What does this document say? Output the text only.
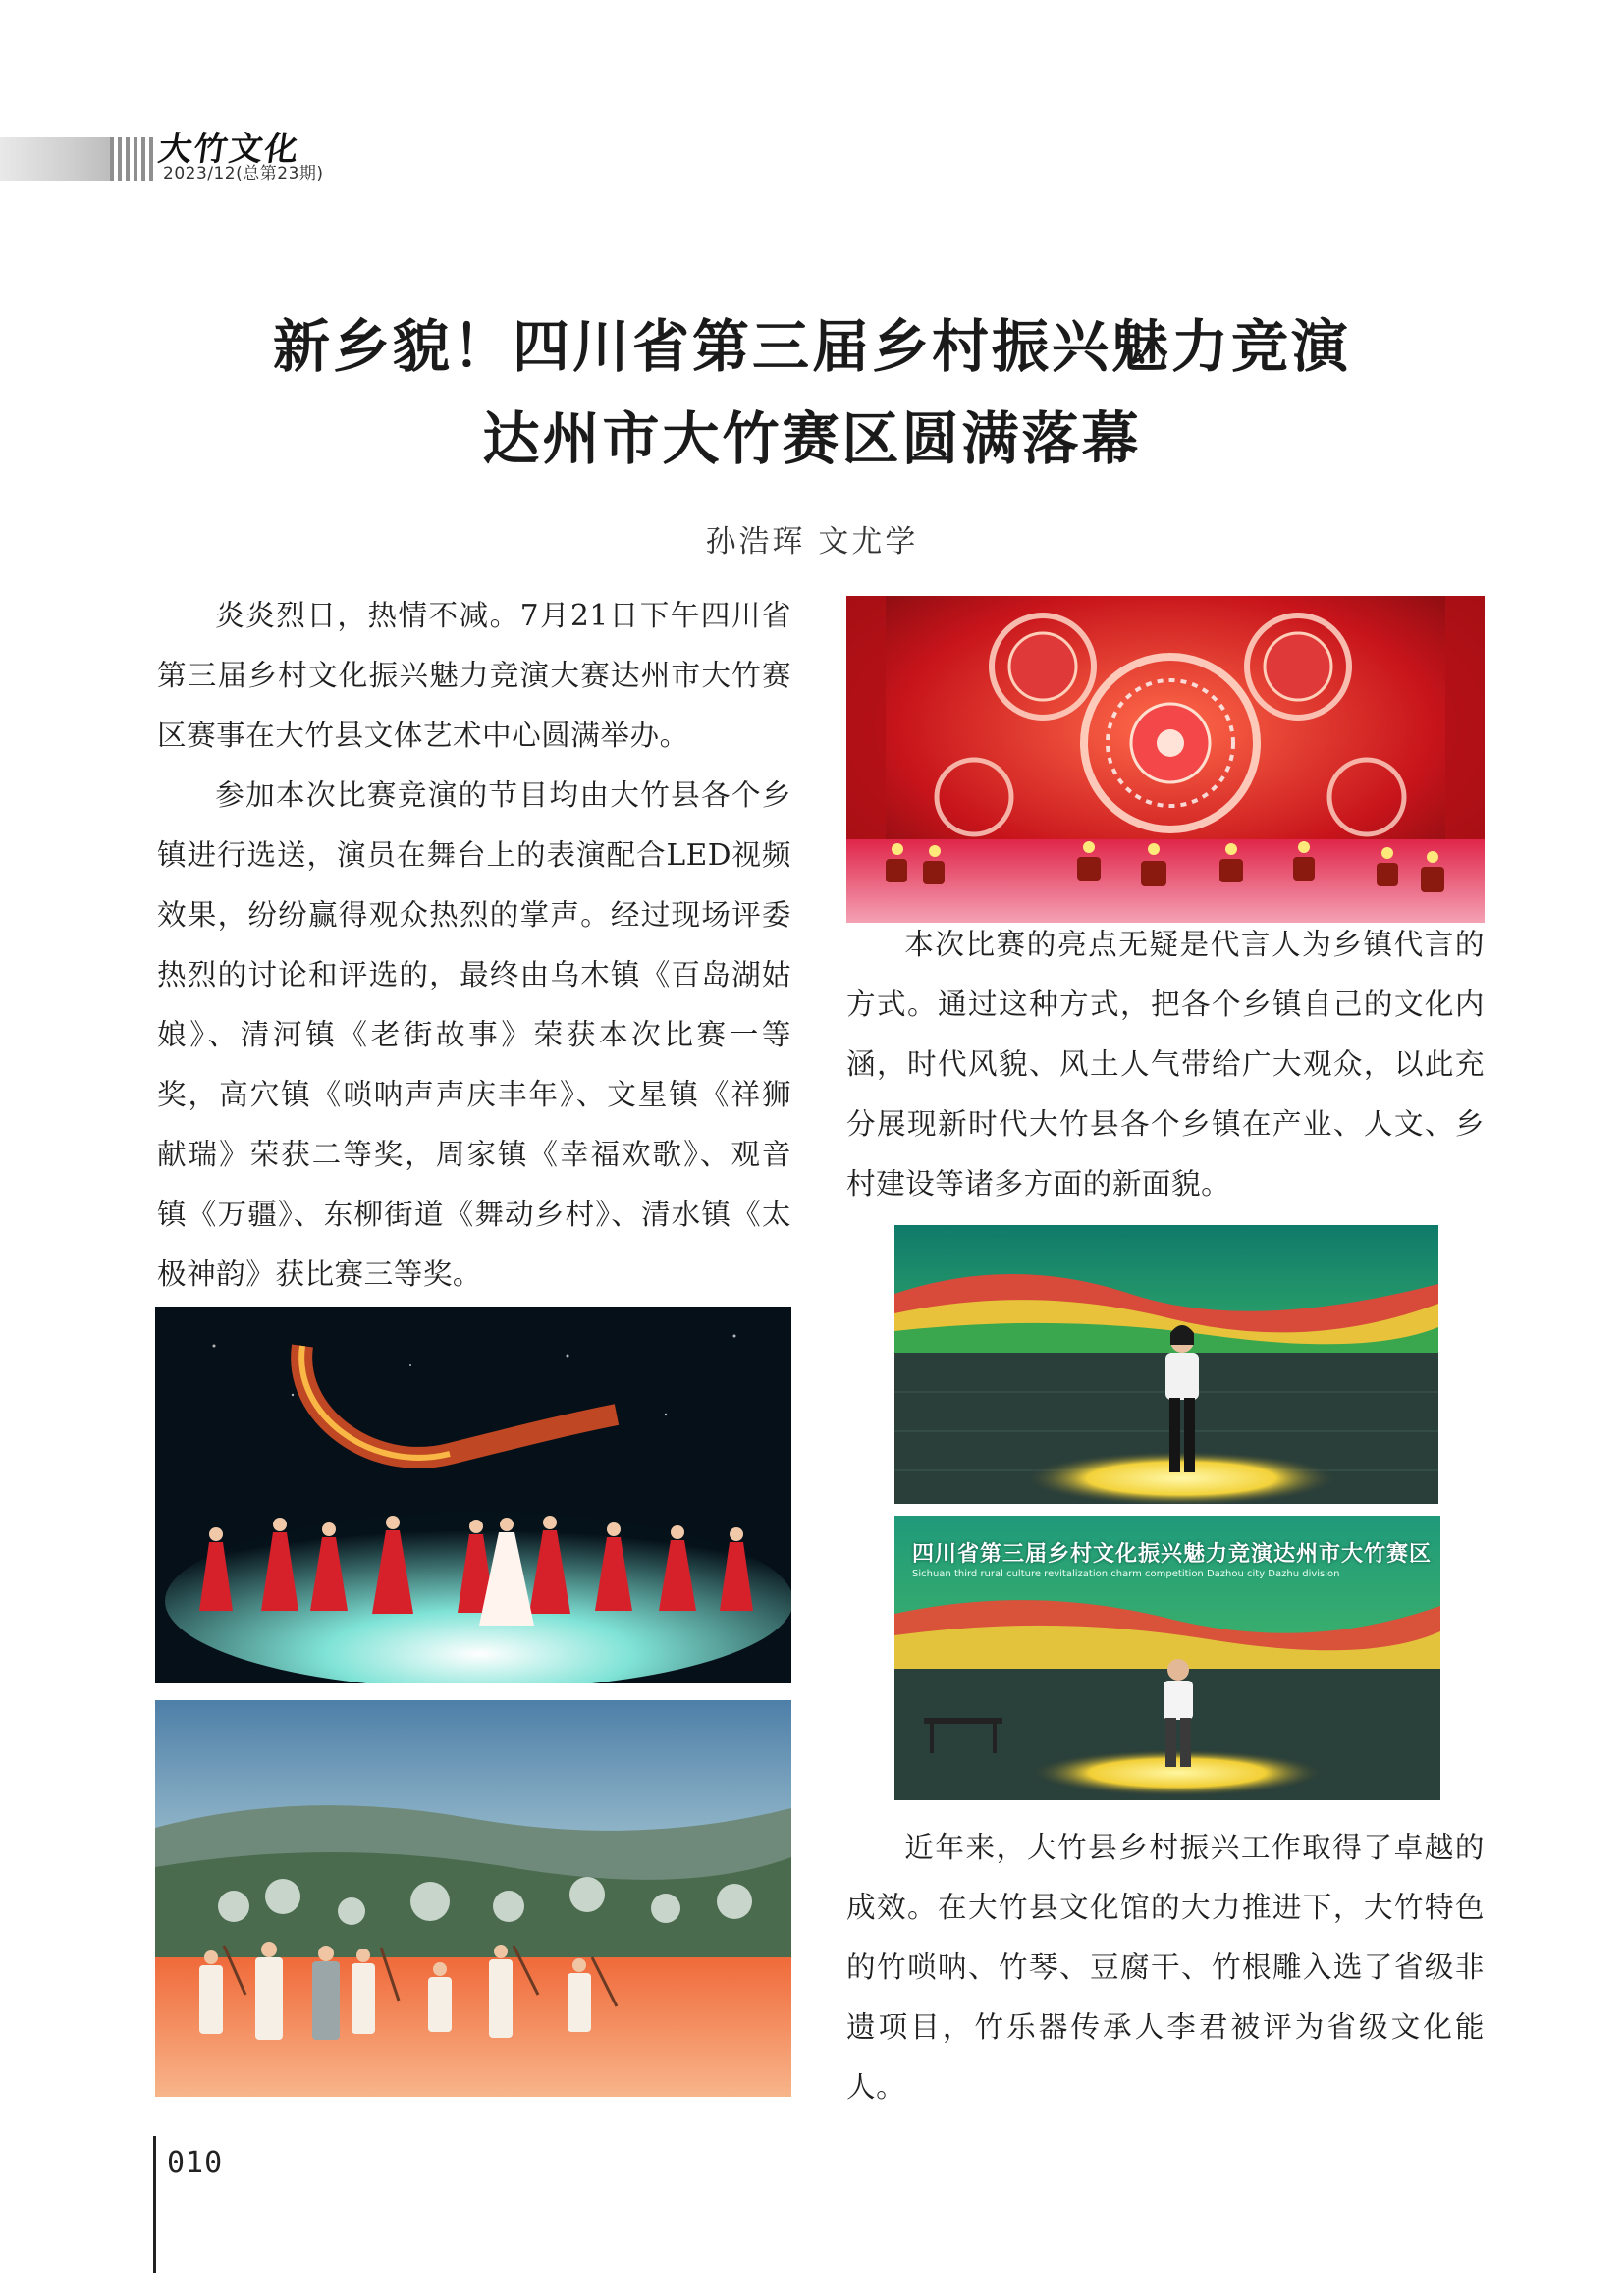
大竹文化
2023/12(总第23期)
新乡貌！四川省第三届乡村振兴魅力竞演
达州市大竹赛区圆满落幕
孙浩珲 文尤学

炎炎烈日，热情不减。7月21日下午四川省第三届乡村文化振兴魅力竞演大赛达州市大竹赛区赛事在大竹县文体艺术中心圆满举办。

参加本次比赛竞演的节目均由大竹县各个乡镇进行选送，演员在舞台上的表演配合LED视频效果，纷纷赢得观众热烈的掌声。经过现场评委热烈的讨论和评选的，最终由乌木镇《百岛湖姑娘》、清河镇《老街故事》荣获本次比赛一等奖，高穴镇《唢呐声声庆丰年》、文星镇《祥狮献瑞》荣获二等奖，周家镇《幸福欢歌》、观音镇《万疆》、东柳街道《舞动乡村》、清水镇《太极神韵》获比赛三等奖。

本次比赛的亮点无疑是代言人为乡镇代言的方式。通过这种方式，把各个乡镇自己的文化内涵，时代风貌、风土人气带给广大观众，以此充分展现新时代大竹县各个乡镇在产业、人文、乡村建设等诸多方面的新面貌。

近年来，大竹县乡村振兴工作取得了卓越的成效。在大竹县文化馆的大力推进下，大竹特色的竹唢呐、竹琴、豆腐干、竹根雕入选了省级非遗项目，竹乐器传承人李君被评为省级文化能人。

四川省第三届乡村文化振兴魅力竞演达州市大竹赛区
Sichuan third rural culture revitalization charm competition Dazhou city Dazhu division
010
